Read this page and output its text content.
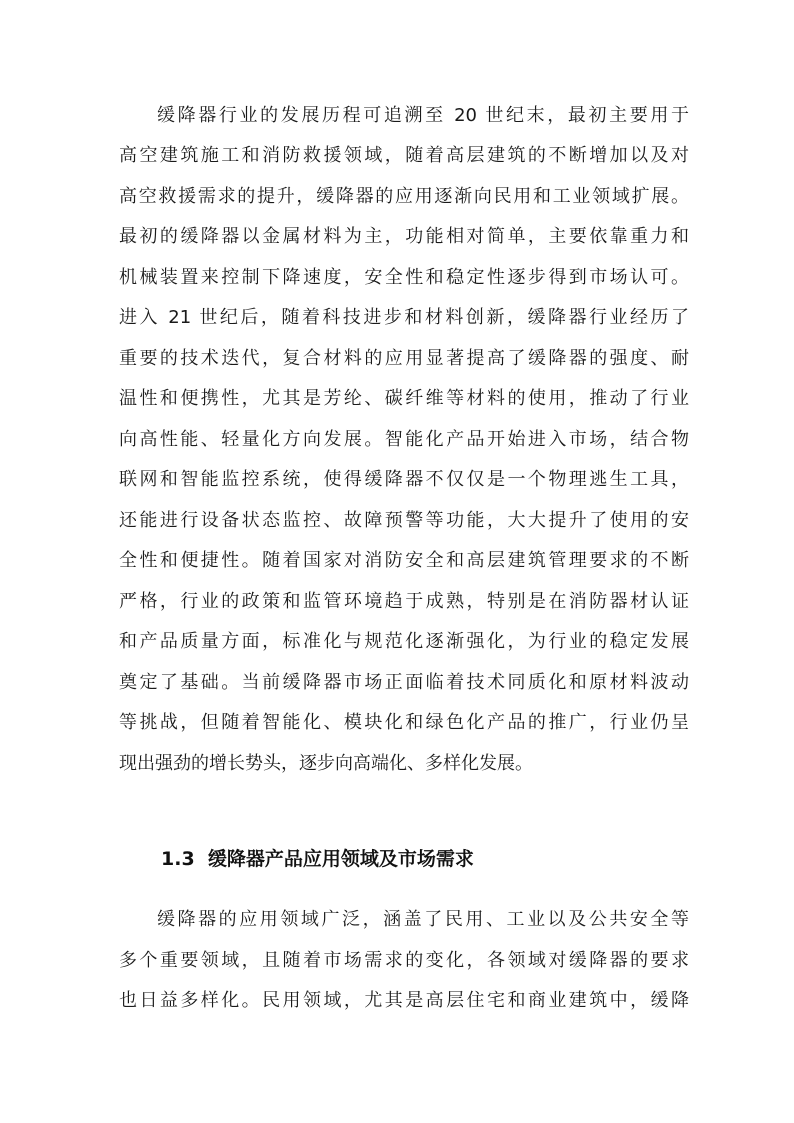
缓降器行业的发展历程可追溯至 20 世纪末，最初主要用于

高空建筑施工和消防救援领域，随着高层建筑的不断增加以及对

高空救援需求的提升，缓降器的应用逐渐向民用和工业领域扩展。

最初的缓降器以金属材料为主，功能相对简单，主要依靠重力和

机械装置来控制下降速度，安全性和稳定性逐步得到市场认可。

进入 21 世纪后，随着科技进步和材料创新，缓降器行业经历了

重要的技术迭代，复合材料的应用显著提高了缓降器的强度、耐

温性和便携性，尤其是芳纶、碳纤维等材料的使用，推动了行业

向高性能、轻量化方向发展。智能化产品开始进入市场，结合物

联网和智能监控系统，使得缓降器不仅仅是一个物理逃生工具，

还能进行设备状态监控、故障预警等功能，大大提升了使用的安

全性和便捷性。随着国家对消防安全和高层建筑管理要求的不断

严格，行业的政策和监管环境趋于成熟，特别是在消防器材认证

和产品质量方面，标准化与规范化逐渐强化，为行业的稳定发展

奠定了基础。当前缓降器市场正面临着技术同质化和原材料波动

等挑战，但随着智能化、模块化和绿色化产品的推广，行业仍呈

现出强劲的增长势头，逐步向高端化、多样化发展。

1.3 缓降器产品应用领域及市场需求

缓降器的应用领域广泛，涵盖了民用、工业以及公共安全等

多个重要领域，且随着市场需求的变化，各领域对缓降器的要求

也日益多样化。民用领域，尤其是高层住宅和商业建筑中，缓降
